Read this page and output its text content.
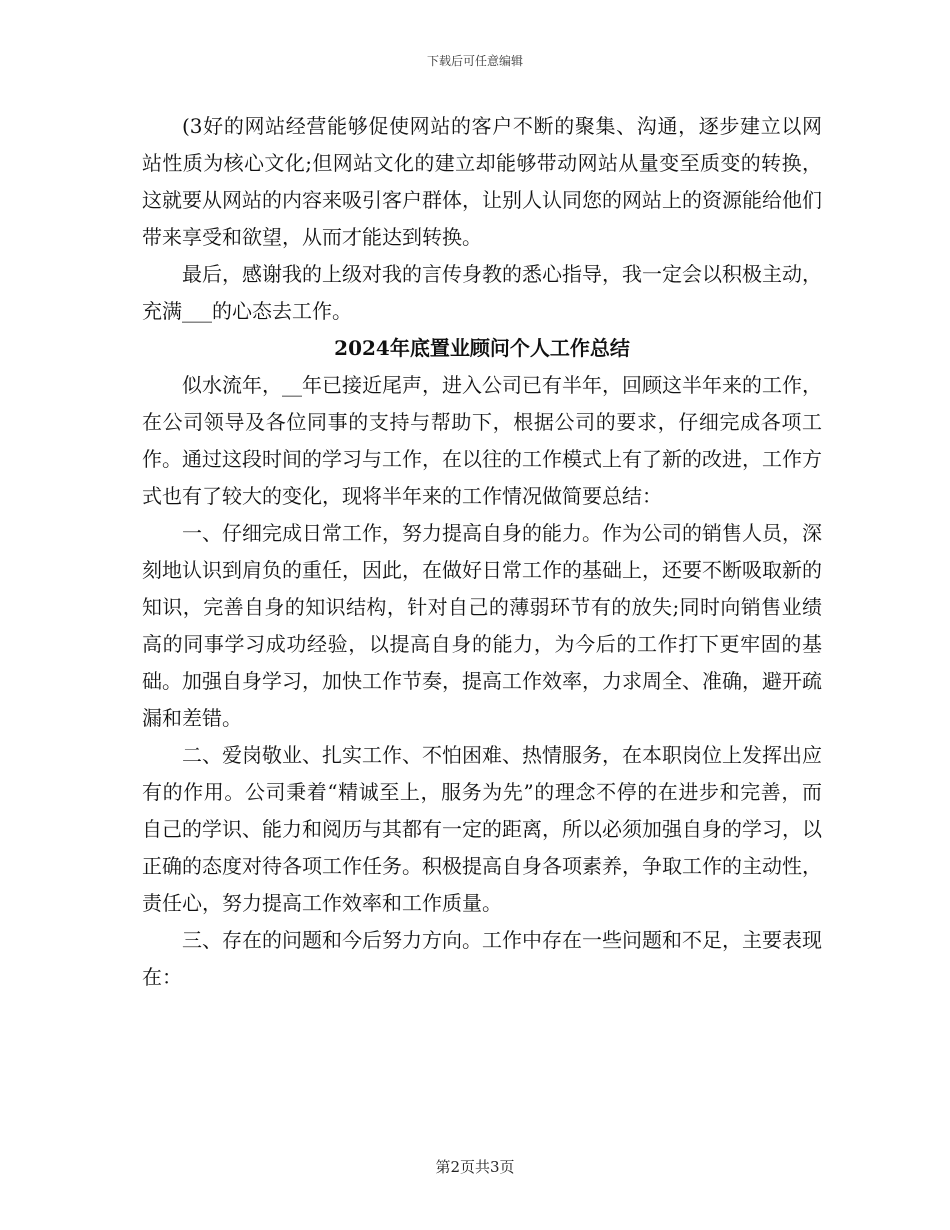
下载后可任意编辑

(3好的网站经营能够促使网站的客户不断的聚集、沟通，逐步建立以网站性质为核心文化;但网站文化的建立却能够带动网站从量变至质变的转换，这就要从网站的内容来吸引客户群体，让别人认同您的网站上的资源能给他们带来享受和欲望，从而才能达到转换。

最后，感谢我的上级对我的言传身教的悉心指导，我一定会以积极主动，充满___的心态去工作。

2024年底置业顾问个人工作总结

似水流年，__年已接近尾声，进入公司已有半年，回顾这半年来的工作，在公司领导及各位同事的支持与帮助下，根据公司的要求，仔细完成各项工作。通过这段时间的学习与工作，在以往的工作模式上有了新的改进，工作方式也有了较大的变化，现将半年来的工作情况做简要总结：

一、仔细完成日常工作，努力提高自身的能力。作为公司的销售人员，深刻地认识到肩负的重任，因此，在做好日常工作的基础上，还要不断吸取新的知识，完善自身的知识结构，针对自己的薄弱环节有的放失;同时向销售业绩高的同事学习成功经验，以提高自身的能力，为今后的工作打下更牢固的基础。加强自身学习，加快工作节奏，提高工作效率，力求周全、准确，避开疏漏和差错。

二、爱岗敬业、扎实工作、不怕困难、热情服务，在本职岗位上发挥出应有的作用。公司秉着“精诚至上，服务为先”的理念不停的在进步和完善，而自己的学识、能力和阅历与其都有一定的距离，所以必须加强自身的学习，以正确的态度对待各项工作任务。积极提高自身各项素养，争取工作的主动性，责任心，努力提高工作效率和工作质量。

三、存在的问题和今后努力方向。工作中存在一些问题和不足，主要表现在：

第2页共3页
